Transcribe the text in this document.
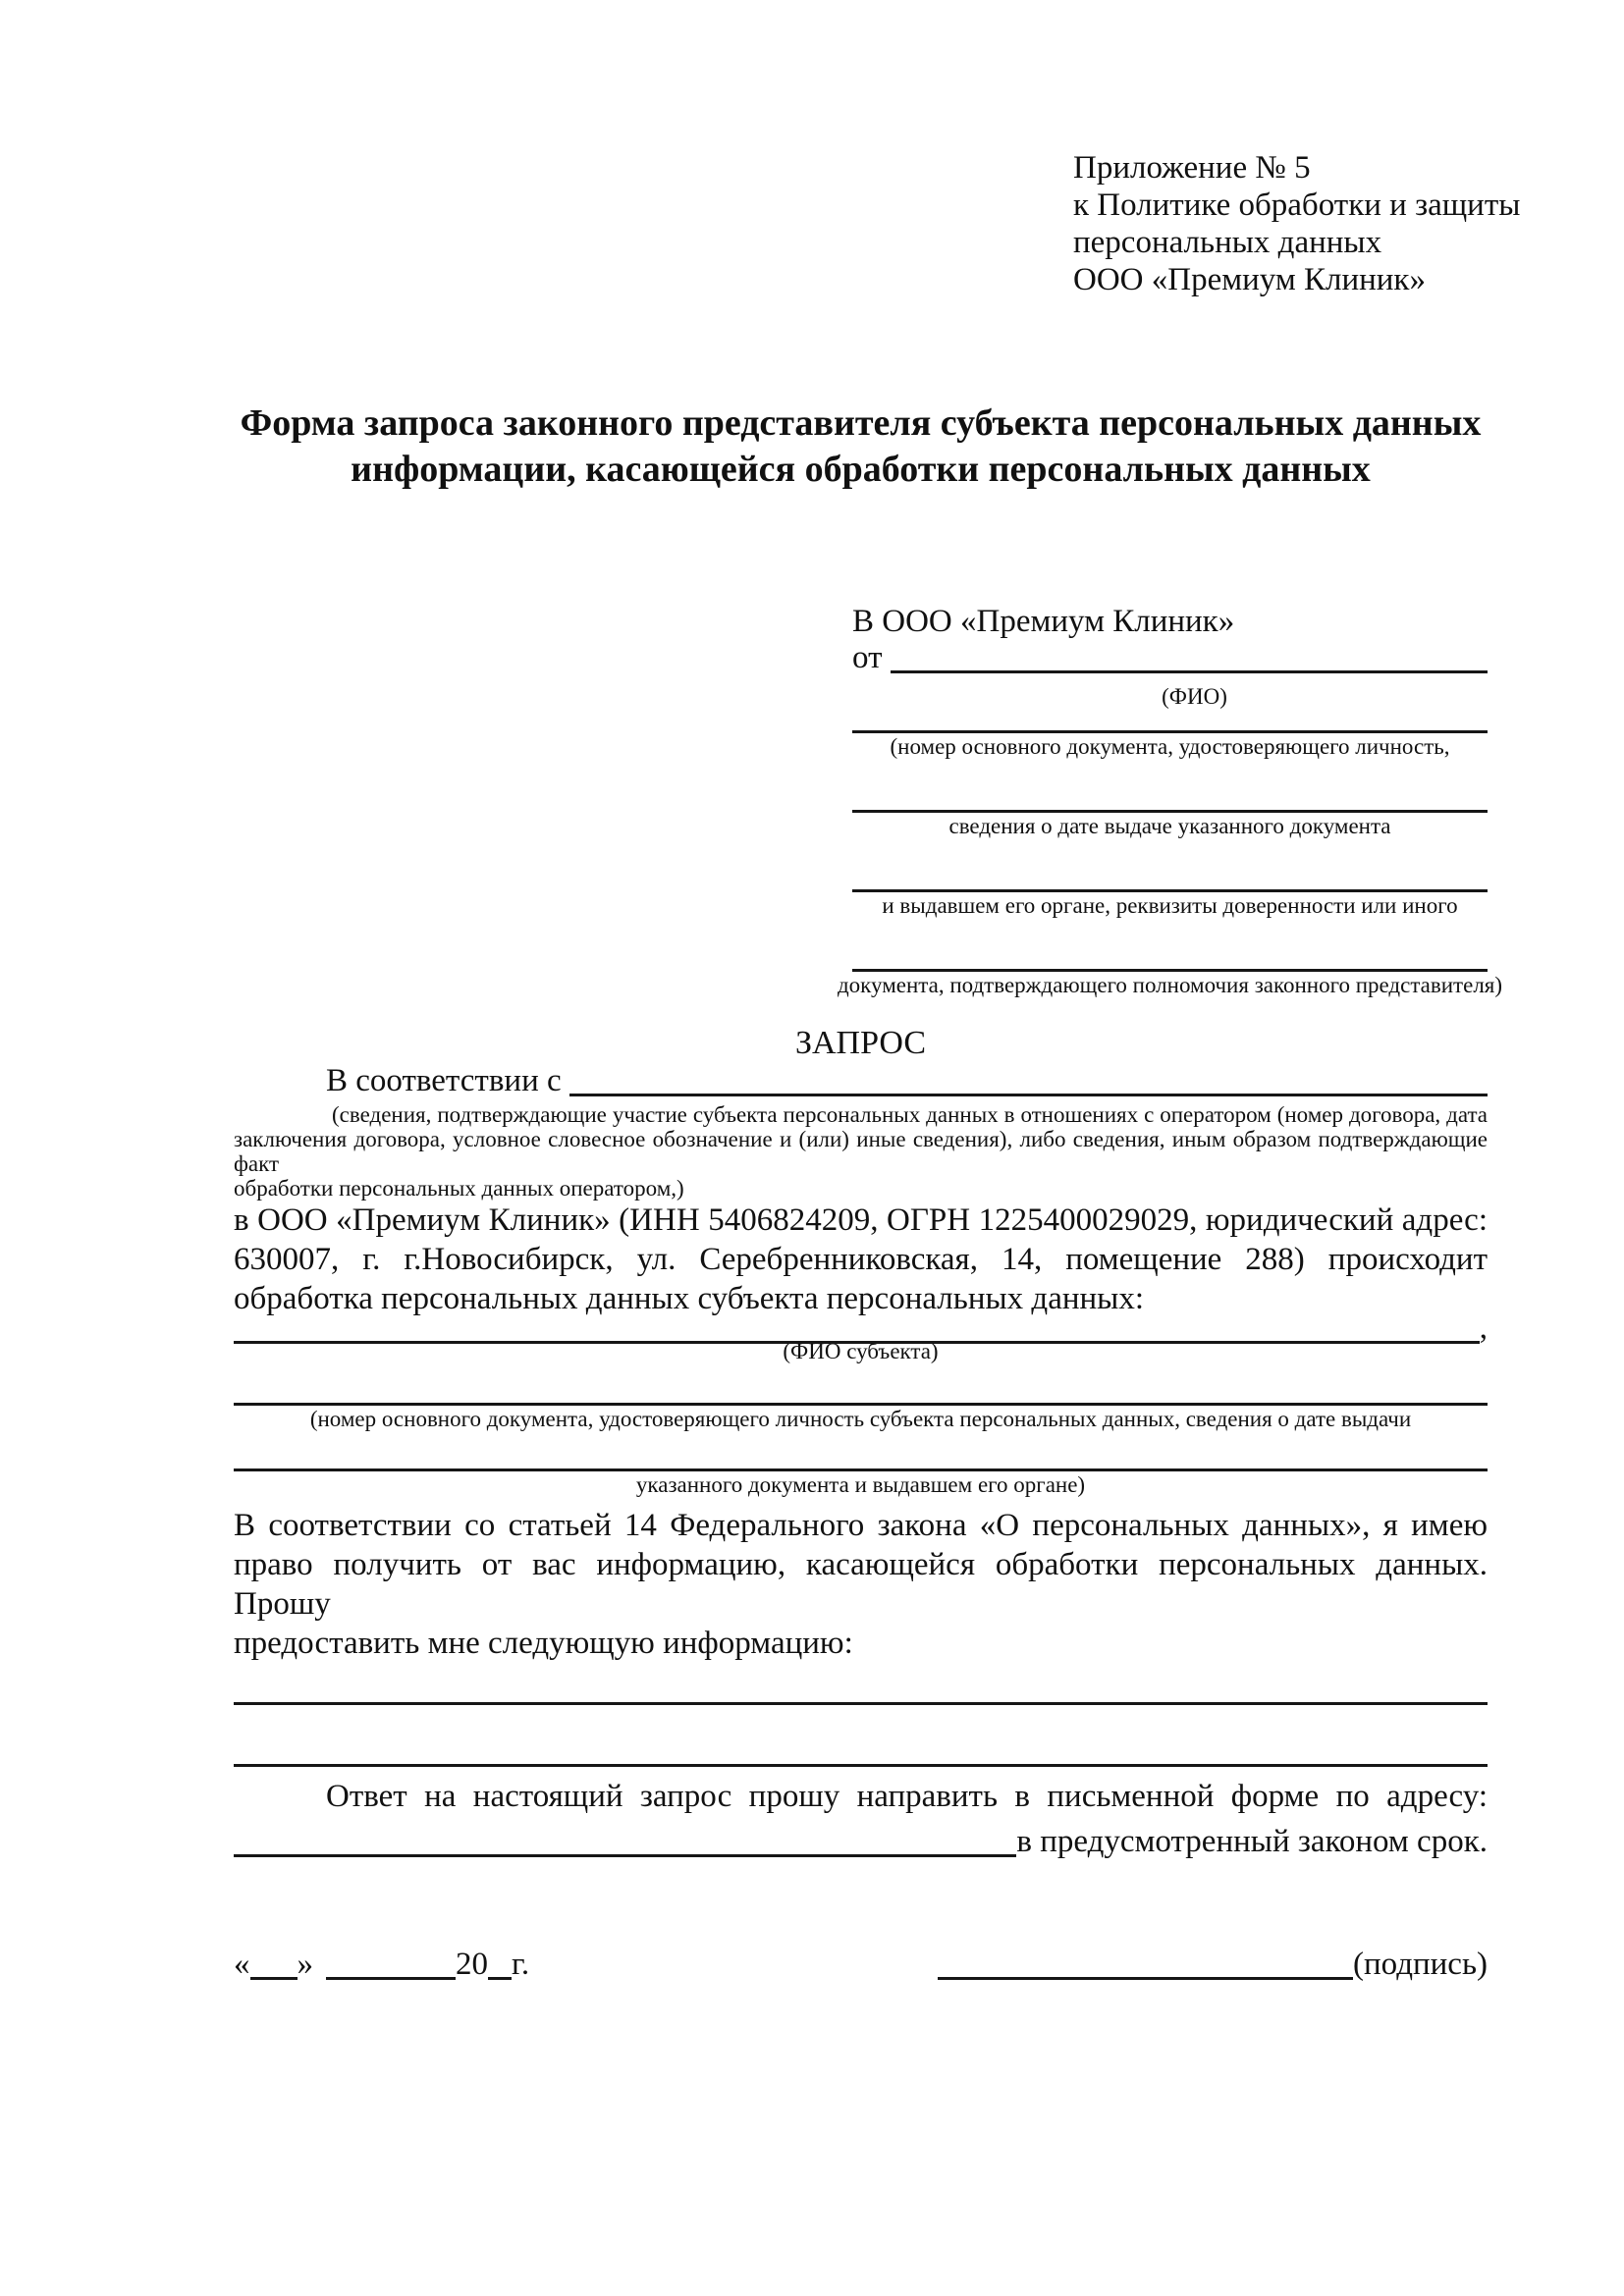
Приложение № 5
к Политике обработки и защиты
персональных данных
ООО «Премиум Клиник»
Форма запроса законного представителя субъекта персональных данных
информации, касающейся обработки персональных данных
В ООО «Премиум Клиник»
от
(ФИО)
(номер основного документа, удостоверяющего личность,
сведения о дате выдаче указанного документа
и выдавшем его органе, реквизиты доверенности или иного
документа, подтверждающего полномочия законного представителя)
ЗАПРОС
В соответствии с
(сведения, подтверждающие участие субъекта персональных данных в отношениях с оператором (номер договора, дата
заключения договора, условное словесное обозначение и (или) иные сведения), либо сведения, иным образом подтверждающие факт
обработки персональных данных оператором,)
в ООО «Премиум Клиник» (ИНН 5406824209, ОГРН 1225400029029, юридический адрес:
630007, г. г.Новосибирск, ул. Серебренниковская, 14, помещение 288) происходит
обработка персональных данных субъекта персональных данных:
,
(ФИО субъекта)
(номер основного документа, удостоверяющего личность субъекта персональных данных, сведения о дате выдачи
указанного документа и выдавшем его органе)
В соответствии со статьей 14 Федерального закона «О персональных данных», я имею
право получить от вас информацию, касающейся обработки персональных данных. Прошу
предоставить мне следующую информацию:
Ответ на настоящий запрос прошу направить в письменной форме по адресу:
в предусмотренный законом срок.
« »	20 г.	(подпись)
